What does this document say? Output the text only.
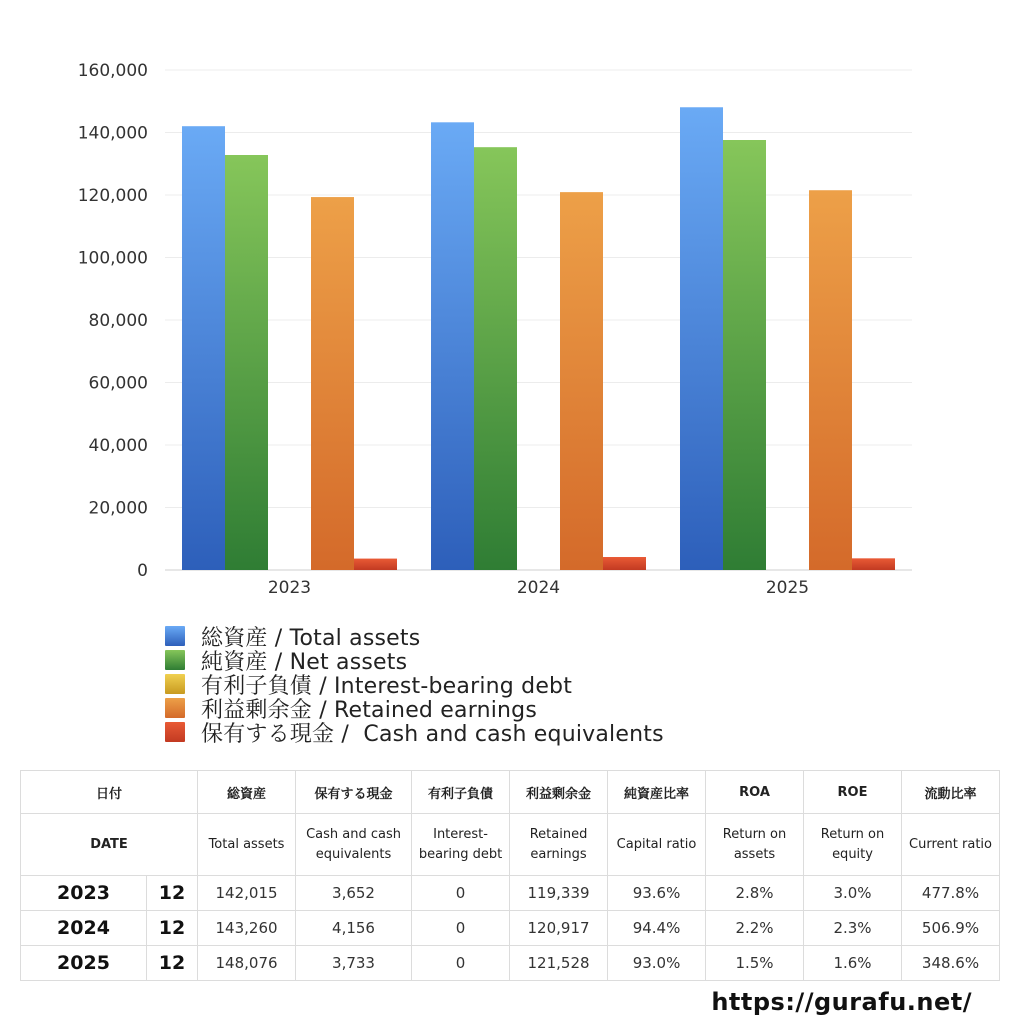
0
20,000
40,000
60,000
80,000
100,000
120,000
140,000
160,000
2023	2024	2025
総資産 / Total assets
純資産 / Net assets
有利子負債 / Interest-bearing debt
利益剰余金 / Retained earnings
保有する現金 /  Cash and cash equivalents
日付		総資産	保有する現金	有利子負債	利益剰余金	純資産比率	ROA	ROE	流動比率
DATE		Total assets	Cash and cash equivalents	Interest-bearing debt	Retained earnings	Capital ratio	Return on assets	Return on equity	Current ratio
2023	12	142,015	3,652	0	119,339	93.6%	2.8%	3.0%	477.8%
2024	12	143,260	4,156	0	120,917	94.4%	2.2%	2.3%	506.9%
2025	12	148,076	3,733	0	121,528	93.0%	1.5%	1.6%	348.6%
https://gurafu.net/
